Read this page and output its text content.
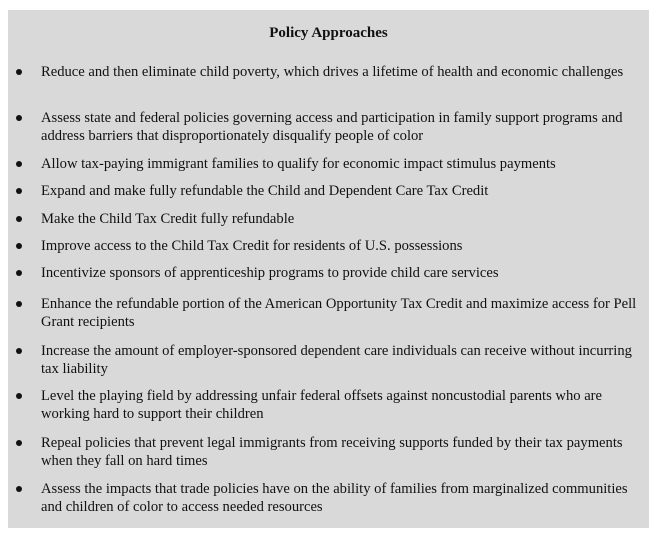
Policy Approaches
Reduce and then eliminate child poverty, which drives a lifetime of health and economic challenges
Assess state and federal policies governing access and participation in family support programs and address barriers that disproportionately disqualify people of color
Allow tax-paying immigrant families to qualify for economic impact stimulus payments
Expand and make fully refundable the Child and Dependent Care Tax Credit
Make the Child Tax Credit fully refundable
Improve access to the Child Tax Credit for residents of U.S. possessions
Incentivize sponsors of apprenticeship programs to provide child care services
Enhance the refundable portion of the American Opportunity Tax Credit and maximize access for Pell Grant recipients
Increase the amount of employer-sponsored dependent care individuals can receive without incurring tax liability
Level the playing field by addressing unfair federal offsets against noncustodial parents who are working hard to support their children
Repeal policies that prevent legal immigrants from receiving supports funded by their tax payments when they fall on hard times
Assess the impacts that trade policies have on the ability of families from marginalized communities and children of color to access needed resources
